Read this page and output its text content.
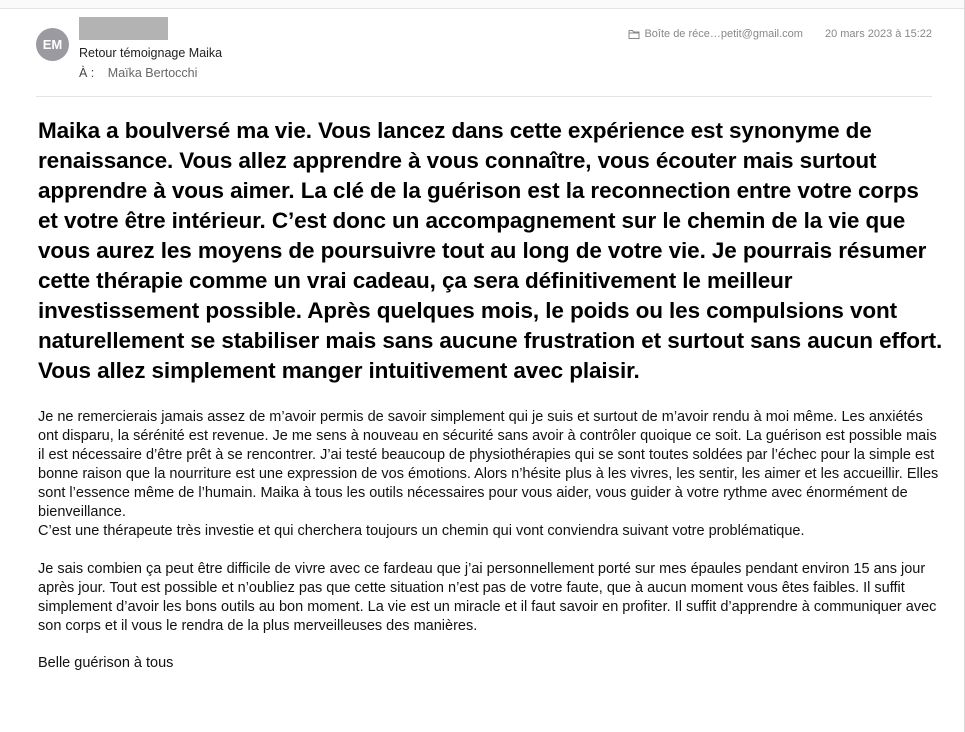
EM
Retour témoignage Maika
À : Maïka Bertocchi
Boîte de réce…petit@gmail.com 20 mars 2023 à 15:22

Maika a boulversé ma vie. Vous lancez dans cette expérience est synonyme de renaissance. Vous allez apprendre à vous connaître, vous écouter mais surtout apprendre à vous aimer. La clé de la guérison est la reconnection entre votre corps et votre être intérieur. C’est donc un accompagnement sur le chemin de la vie que vous aurez les moyens de poursuivre tout au long de votre vie. Je pourrais résumer cette thérapie comme un vrai cadeau, ça sera définitivement le meilleur investissement possible. Après quelques mois, le poids ou les compulsions vont naturellement se stabiliser mais sans aucune frustration et surtout sans aucun effort. Vous allez simplement manger intuitivement avec plaisir.

Je ne remercierais jamais assez de m’avoir permis de savoir simplement qui je suis et surtout de m’avoir rendu à moi même. Les anxiétés ont disparu, la sérénité est revenue. Je me sens à nouveau en sécurité sans avoir à contrôler quoique ce soit. La guérison est possible mais il est nécessaire d’être prêt à se rencontrer. J’ai testé beaucoup de physiothérapies qui se sont toutes soldées par l’échec pour la simple est bonne raison que la nourriture est une expression de vos émotions. Alors n’hésite plus à les vivres, les sentir, les aimer et les accueillir. Elles sont l’essence même de l’humain. Maika à tous les outils nécessaires pour vous aider, vous guider à votre rythme avec énormément de bienveillance.

C’est une thérapeute très investie et qui cherchera toujours un chemin qui vont conviendra suivant votre problématique.

Je sais combien ça peut être difficile de vivre avec ce fardeau que j’ai personnellement porté sur mes épaules pendant environ 15 ans jour après jour. Tout est possible et n’oubliez pas que cette situation n’est pas de votre faute, que à aucun moment vous êtes faibles. Il suffit simplement d’avoir les bons outils au bon moment. La vie est un miracle et il faut savoir en profiter. Il suffit d’apprendre à communiquer avec son corps et il vous le rendra de la plus merveilleuses des manières.

Belle guérison à tous
